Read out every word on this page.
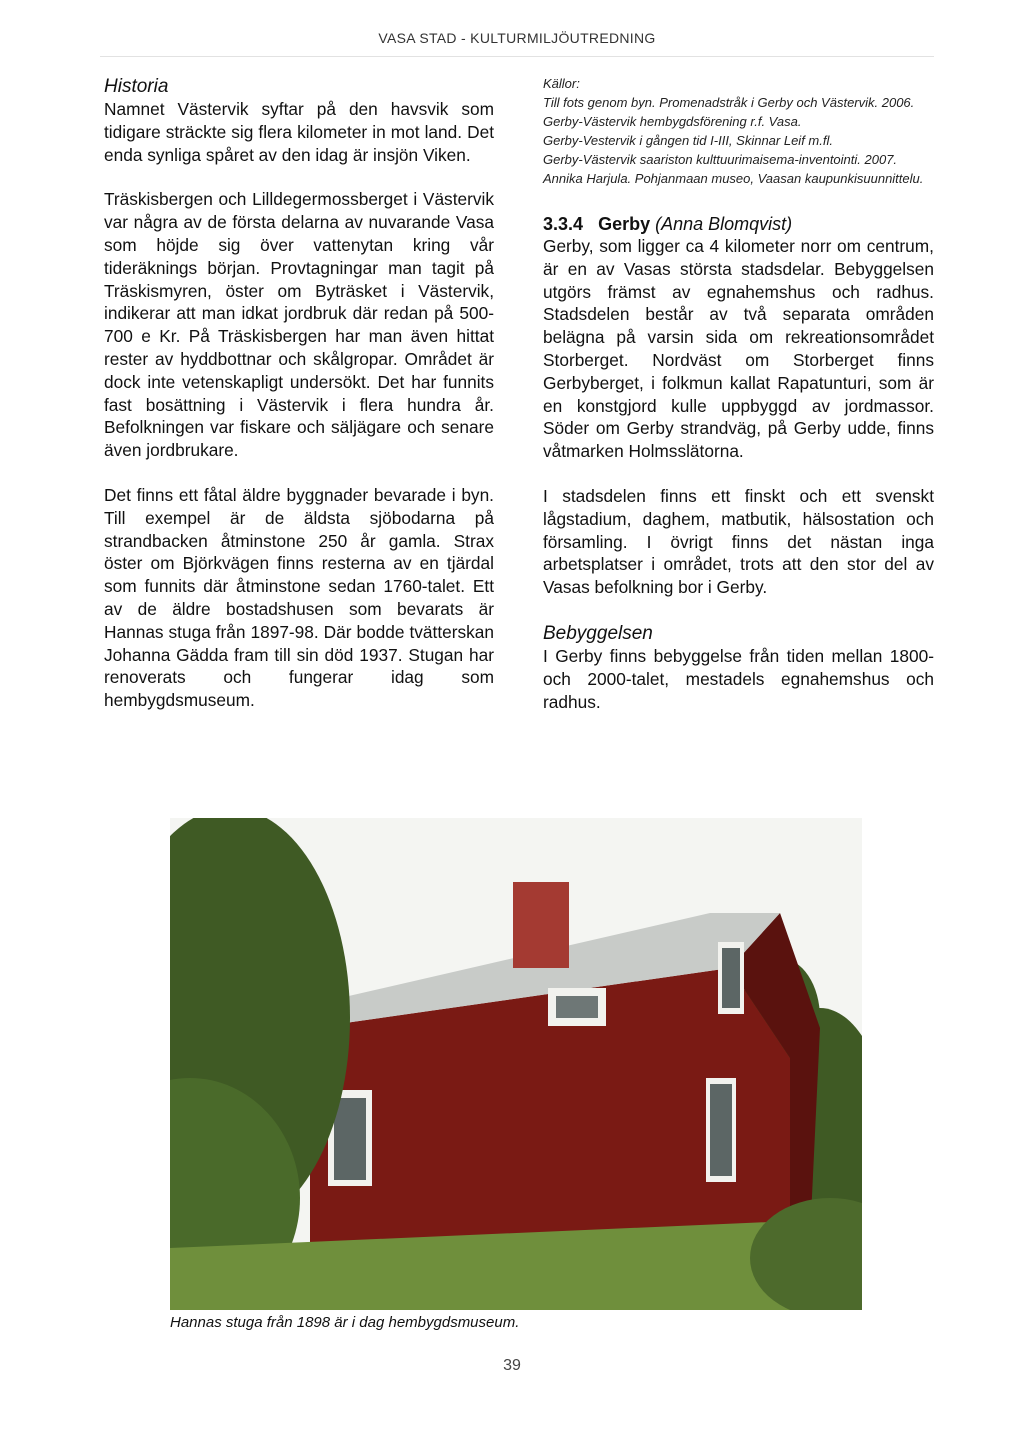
VASA STAD - KULTURMILJÖUTREDNING

Historia

Namnet Västervik syftar på den havsvik som tidigare sträckte sig flera kilometer in mot land. Det enda synliga spåret av den idag är insjön Viken.

Träskisbergen och Lilldegermossberget i Västervik var några av de första delarna av nuvarande Vasa som höjde sig över vattenytan kring vår tideräknings början. Provtagningar man tagit på Träskismyren, öster om Byträsket i Västervik, indikerar att man idkat jordbruk där redan på 500-700 e Kr. På Träskisbergen har man även hittat rester av hyddbottnar och skålgropar. Området är dock inte vetenskapligt undersökt. Det har funnits fast bosättning i Västervik i flera hundra år. Befolkningen var fiskare och säljägare och senare även jordbrukare.

Det finns ett fåtal äldre byggnader bevarade i byn. Till exempel är de äldsta sjöbodarna på strandbacken åtminstone 250 år gamla. Strax öster om Björkvägen finns resterna av en tjärdal som funnits där åtminstone sedan 1760-talet. Ett av de äldre bostadshusen som bevarats är Hannas stuga från 1897-98. Där bodde tvätterskan Johanna Gädda fram till sin död 1937. Stugan har renoverats och fungerar idag som hembygdsmuseum.

Källor:

Till fots genom byn. Promenadstråk i Gerby och Västervik. 2006. Gerby-Västervik hembygdsförening r.f. Vasa.

Gerby-Vestervik i gången tid I-III, Skinnar Leif m.fl.

Gerby-Västervik saariston kulttuurimaisema-inventointi. 2007. Annika Harjula. Pohjanmaan museo, Vaasan kaupunkisuunnittelu.

3.3.4 Gerby (Anna Blomqvist)

Gerby, som ligger ca 4 kilometer norr om centrum, är en av Vasas största stadsdelar. Bebyggelsen utgörs främst av egnahemshus och radhus. Stadsdelen består av två separata områden belägna på varsin sida om rekreationsområdet Storberget. Nordväst om Storberget finns Gerbyberget, i folkmun kallat Rapatunturi, som är en konstgjord kulle uppbyggd av jordmassor. Söder om Gerby strandväg, på Gerby udde, finns våtmarken Holmsslätorna.

I stadsdelen finns ett finskt och ett svenskt lågstadium, daghem, matbutik, hälsostation och församling. I övrigt finns det nästan inga arbetsplatser i området, trots att den stor del av Vasas befolkning bor i Gerby.

Bebyggelsen

I Gerby finns bebyggelse från tiden mellan 1800- och 2000-talet, mestadels egnahemshus och radhus.

Hannas stuga från 1898 är i dag hembygdsmuseum.
39
